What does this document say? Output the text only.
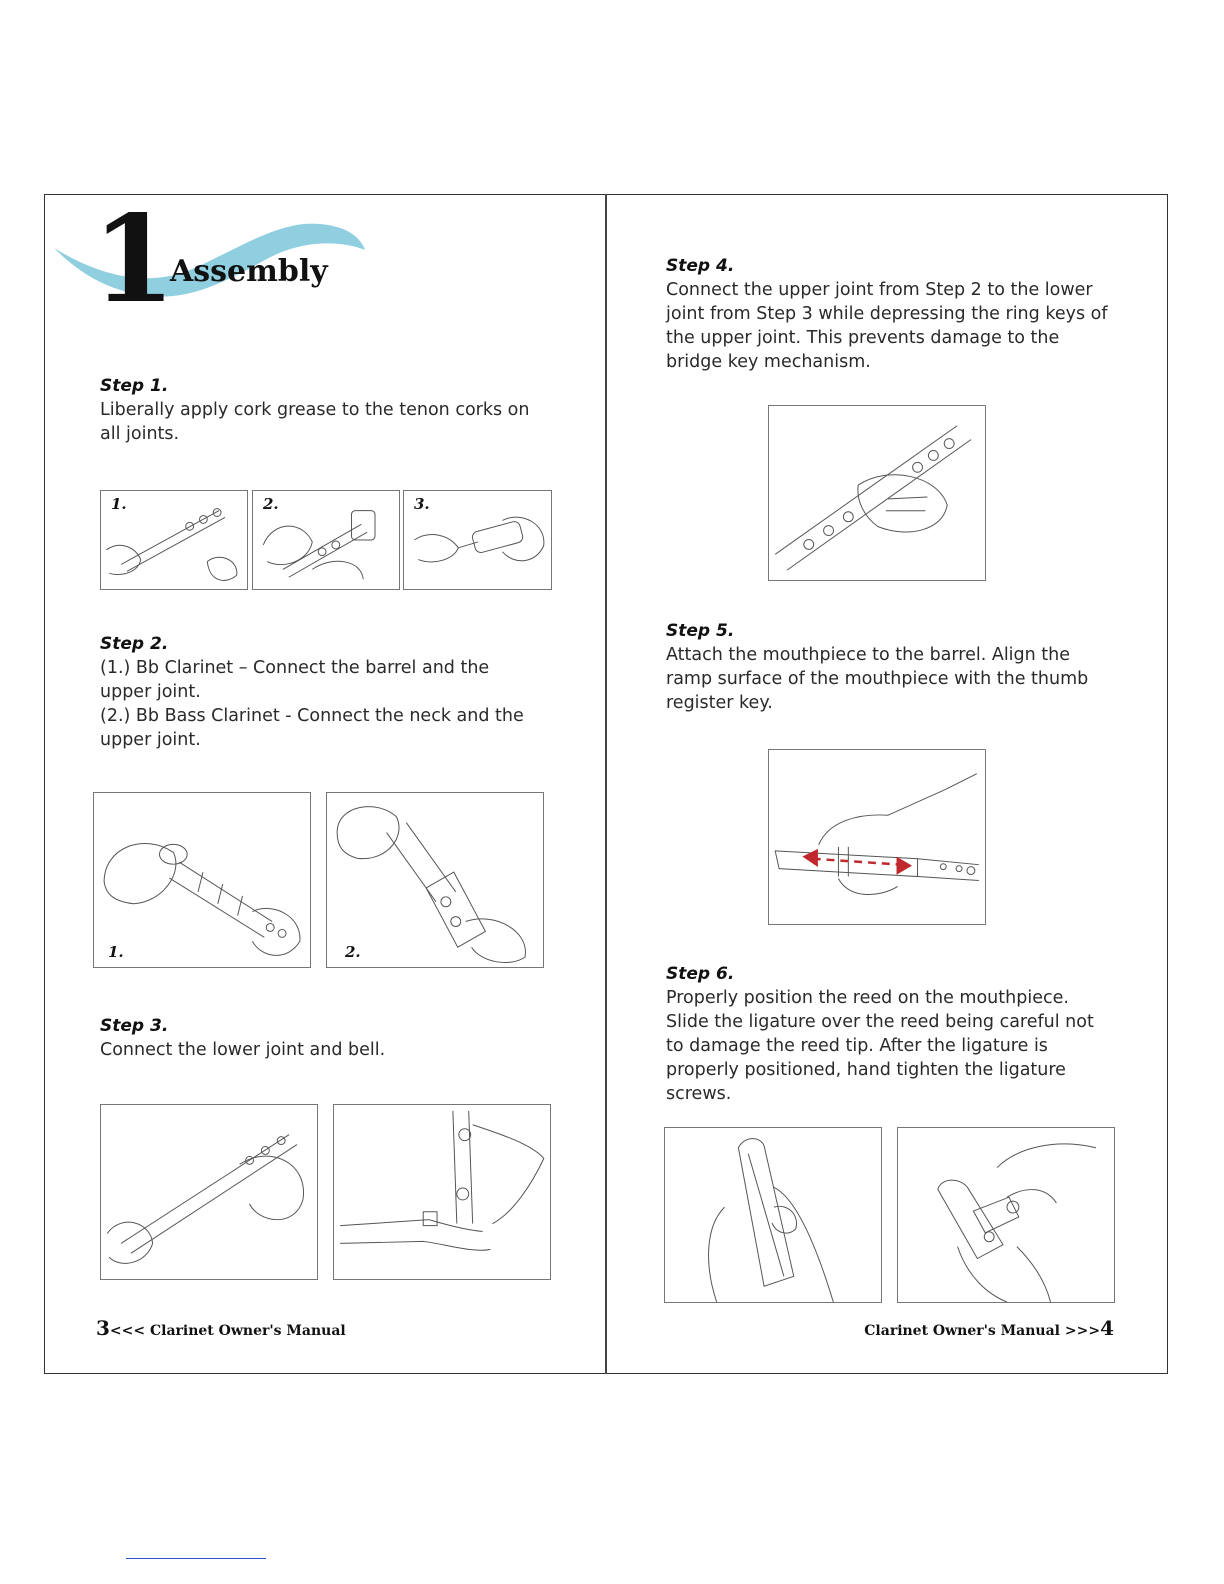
1
Assembly
Step 1.

Liberally apply cork grease to the tenon corks on

all joints.

1.	2.	3.
Step 2.

(1.) Bb Clarinet – Connect the barrel and the

upper joint.

(2.) Bb Bass Clarinet - Connect the neck and the

upper joint.

1.	2.
Step 3.

Connect the lower joint and bell.

Step 4.

Connect the upper joint from Step 2 to the lower

joint from Step 3 while depressing the ring keys of

the upper joint. This prevents damage to the

bridge key mechanism.

Step 5.

Attach the mouthpiece to the barrel. Align the

ramp surface of the mouthpiece with the thumb

register key.

Step 6.

Properly position the reed on the mouthpiece.

Slide the ligature over the reed being careful not

to damage the reed tip. After the ligature is

properly positioned, hand tighten the ligature

screws.

3<<< Clarinet Owner's Manual	Clarinet Owner's Manual >>>4
